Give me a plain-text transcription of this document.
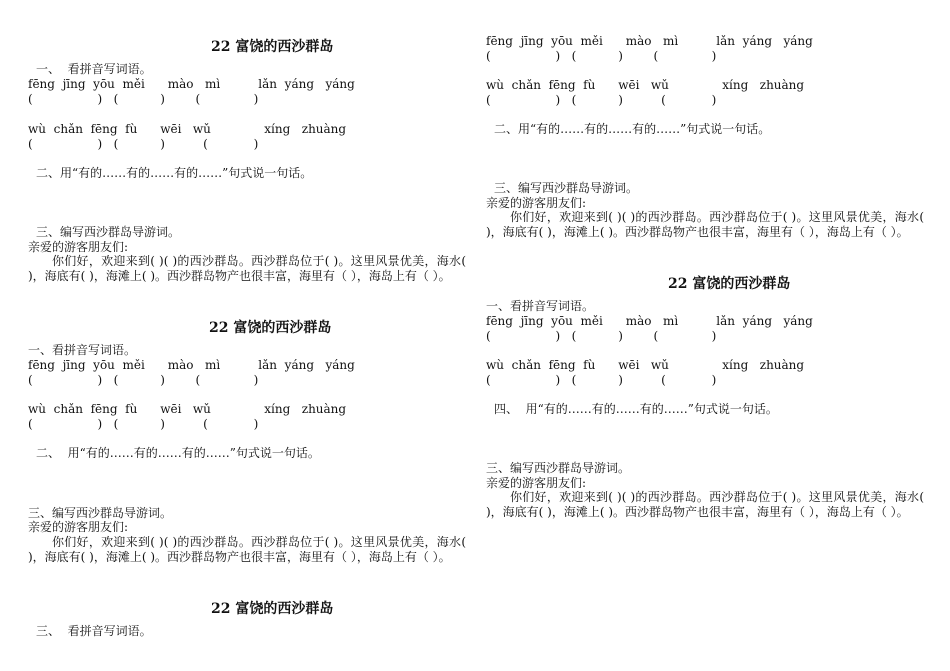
22 富饶的西沙群岛
一、 看拼音写词语。
fēng  jīng  yōu  měi      mào   mì          lǎn  yáng   yáng
(                 )   (           )        (              )
wù  chǎn  fēng  fù      wēi   wǔ              xíng   zhuàng
(                 )   (           )          (            )
二、用“有的……有的……有的……”句式说一句话。
三、编写西沙群岛导游词。
亲爱的游客朋友们:
你们好，欢迎来到( )( )的西沙群岛。西沙群岛位于( )。这里风景优美，海水( )，海底有( )，海滩上( )。西沙群岛物产也很丰富，海里有（ ），海岛上有（ ）。
22 富饶的西沙群岛
一、看拼音写词语。
fēng  jīng  yōu  měi      mào   mì          lǎn  yáng   yáng
(                 )   (           )        (              )
wù  chǎn  fēng  fù      wēi   wǔ              xíng   zhuàng
(                 )   (           )          (            )
二、 用“有的……有的……有的……”句式说一句话。
三、编写西沙群岛导游词。
亲爱的游客朋友们:
你们好，欢迎来到( )( )的西沙群岛。西沙群岛位于( )。这里风景优美，海水( )，海底有( )，海滩上( )。西沙群岛物产也很丰富，海里有（ ），海岛上有（ ）。
22 富饶的西沙群岛
三、 看拼音写词语。
fēng  jīng  yōu  měi      mào   mì          lǎn  yáng   yáng
(                 )   (           )        (              )
wù  chǎn  fēng  fù      wēi   wǔ              xíng   zhuàng
(                 )   (           )          (            )
二、用“有的……有的……有的……”句式说一句话。
三、编写西沙群岛导游词。
亲爱的游客朋友们:
你们好，欢迎来到( )( )的西沙群岛。西沙群岛位于( )。这里风景优美，海水( )，海底有( )，海滩上( )。西沙群岛物产也很丰富，海里有（ ），海岛上有（ ）。
22 富饶的西沙群岛
一、看拼音写词语。
fēng  jīng  yōu  měi      mào   mì          lǎn  yáng   yáng
(                 )   (           )        (              )
wù  chǎn  fēng  fù      wēi   wǔ              xíng   zhuàng
(                 )   (           )          (            )
四、 用“有的……有的……有的……”句式说一句话。
三、编写西沙群岛导游词。
亲爱的游客朋友们:
你们好，欢迎来到( )( )的西沙群岛。西沙群岛位于( )。这里风景优美，海水( )，海底有( )，海滩上( )。西沙群岛物产也很丰富，海里有（ ），海岛上有（ ）。
